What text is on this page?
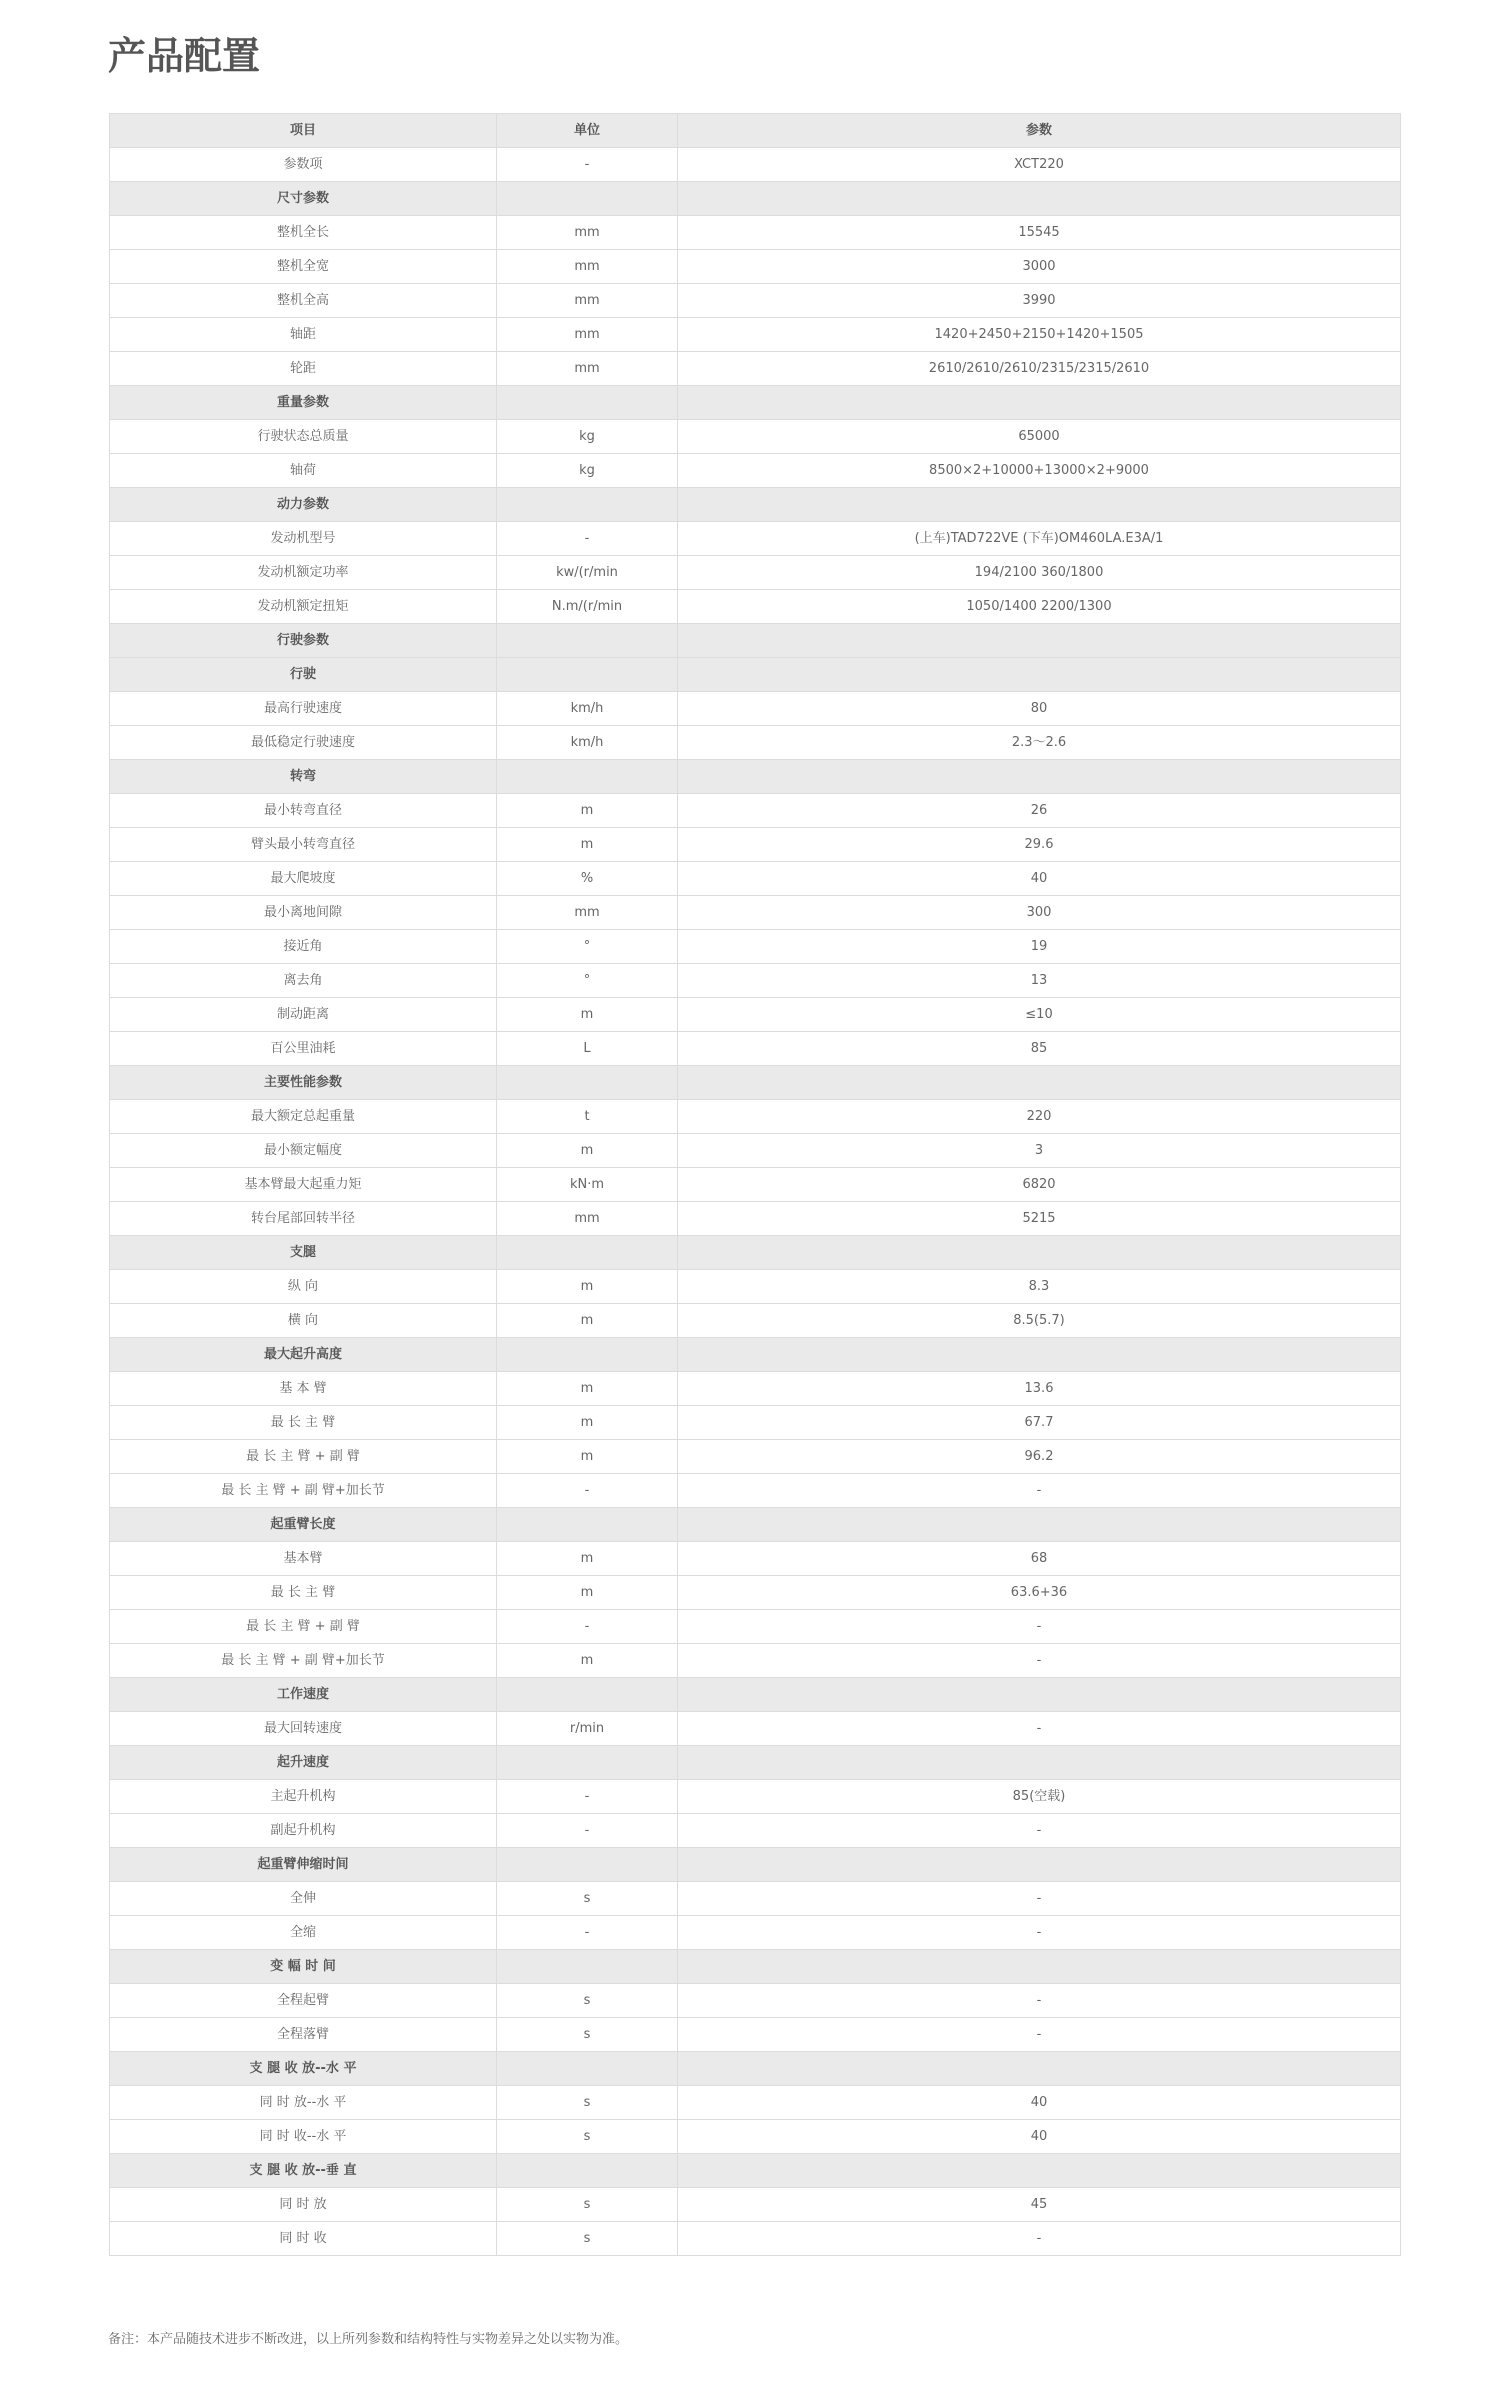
产品配置
项目	单位	参数
参数项	-	XCT220
尺寸参数		
整机全长	mm	15545
整机全宽	mm	3000
整机全高	mm	3990
轴距	mm	1420+2450+2150+1420+1505
轮距	mm	2610/2610/2610/2315/2315/2610
重量参数		
行驶状态总质量	kg	65000
轴荷	kg	8500×2+10000+13000×2+9000
动力参数		
发动机型号	-	(上车)TAD722VE (下车)OM460LA.E3A/1
发动机额定功率	kw/(r/min	194/2100 360/1800
发动机额定扭矩	N.m/(r/min	1050/1400 2200/1300
行驶参数		
行驶		
最高行驶速度	km/h	80
最低稳定行驶速度	km/h	2.3～2.6
转弯		
最小转弯直径	m	26
臂头最小转弯直径	m	29.6
最大爬坡度	%	40
最小离地间隙	mm	300
接近角	°	19
离去角	°	13
制动距离	m	≤10
百公里油耗	L	85
主要性能参数		
最大额定总起重量	t	220
最小额定幅度	m	3
基本臂最大起重力矩	kN·m	6820
转台尾部回转半径	mm	5215
支腿		
纵 向	m	8.3
横 向	m	8.5(5.7)
最大起升高度		
基 本 臂	m	13.6
最 长 主 臂	m	67.7
最 长 主 臂 + 副 臂	m	96.2
最 长 主 臂 + 副 臂+加长节	-	-
起重臂长度		
基本臂	m	68
最 长 主 臂	m	63.6+36
最 长 主 臂 + 副 臂	-	-
最 长 主 臂 + 副 臂+加长节	m	-
工作速度		
最大回转速度	r/min	-
起升速度		
主起升机构	-	85(空载)
副起升机构	-	-
起重臂伸缩时间		
全伸	s	-
全缩	-	-
变 幅 时 间		
全程起臂	s	-
全程落臂	s	-
支 腿 收 放--水 平		
同 时 放--水 平	s	40
同 时 收--水 平	s	40
支 腿 收 放--垂 直		
同 时 放	s	45
同 时 收	s	-

备注：本产品随技术进步不断改进，以上所列参数和结构特性与实物差异之处以实物为准。
